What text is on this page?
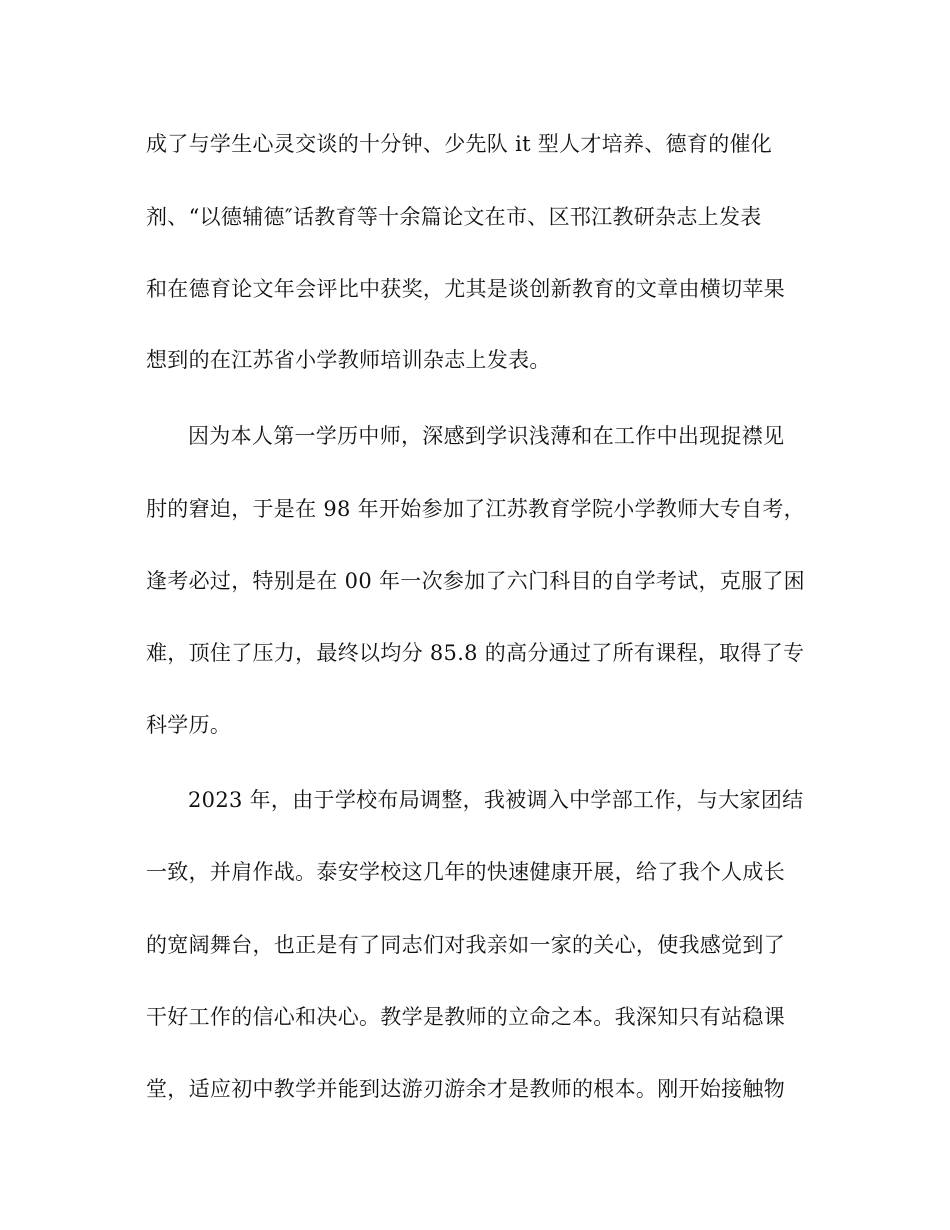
成了与学生心灵交谈的十分钟、少先队 it 型人才培养、德育的催化
剂、“以德辅德″话教育等十余篇论文在市、区邗江教研杂志上发表
和在德育论文年会评比中获奖，尤其是谈创新教育的文章由横切苹果
想到的在江苏省小学教师培训杂志上发表。
因为本人第一学历中师，深感到学识浅薄和在工作中出现捉襟见
肘的窘迫，于是在 98 年开始参加了江苏教育学院小学教师大专自考，
逢考必过，特别是在 00 年一次参加了六门科目的自学考试，克服了困
难，顶住了压力，最终以均分 85.8 的高分通过了所有课程，取得了专
科学历。
2023 年，由于学校布局调整，我被调入中学部工作，与大家团结
一致，并肩作战。泰安学校这几年的快速健康开展，给了我个人成长
的宽阔舞台，也正是有了同志们对我亲如一家的关心，使我感觉到了
干好工作的信心和决心。教学是教师的立命之本。我深知只有站稳课
堂，适应初中教学并能到达游刃游余才是教师的根本。刚开始接触物
